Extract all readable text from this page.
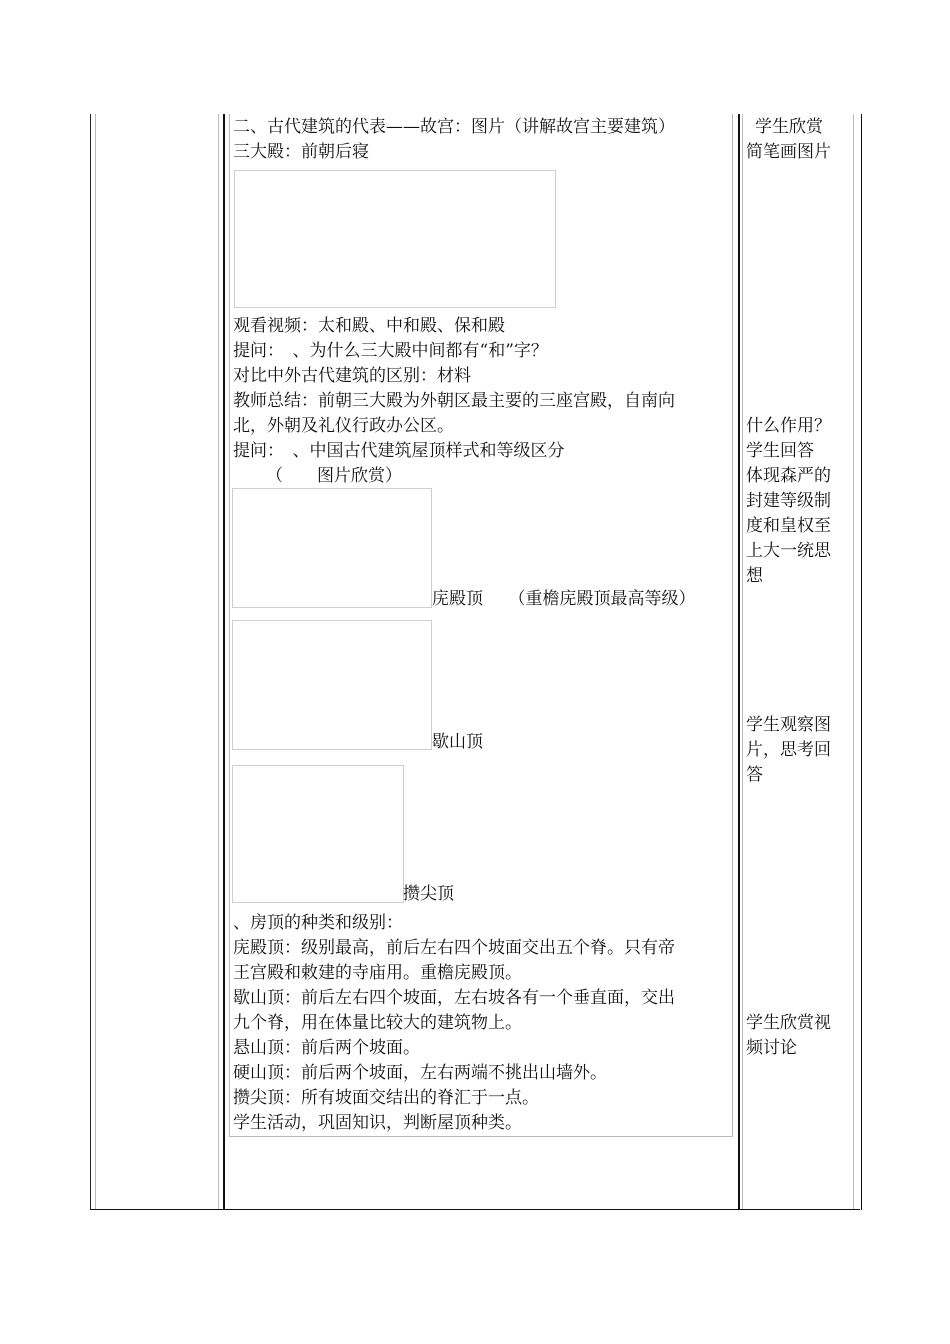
二、古代建筑的代表——故宫：图片（讲解故宫主要建筑）
三大殿：前朝后寝
观看视频：太和殿、中和殿、保和殿
提问：　、为什么三大殿中间都有“和”字？
对比中外古代建筑的区别：材料
教师总结：前朝三大殿为外朝区最主要的三座宫殿，自南向
北，外朝及礼仪行政办公区。
提问：　、中国古代建筑屋顶样式和等级区分
（　　图片欣赏）
庑殿顶　　（重檐庑殿顶最高等级）
歇山顶
攒尖顶
、房顶的种类和级别：
庑殿顶：级别最高，前后左右四个坡面交出五个脊。只有帝
王宫殿和敕建的寺庙用。重檐庑殿顶。
歇山顶：前后左右四个坡面，左右坡各有一个垂直面，交出
九个脊，用在体量比较大的建筑物上。
悬山顶：前后两个坡面。
硬山顶：前后两个坡面，左右两端不挑出山墙外。
攒尖顶：所有坡面交结出的脊汇于一点。
学生活动，巩固知识，判断屋顶种类。
学生欣赏
简笔画图片
什么作用？
学生回答
体现森严的
封建等级制
度和皇权至
上大一统思
想
学生观察图
片，思考回
答
学生欣赏视
频讨论
